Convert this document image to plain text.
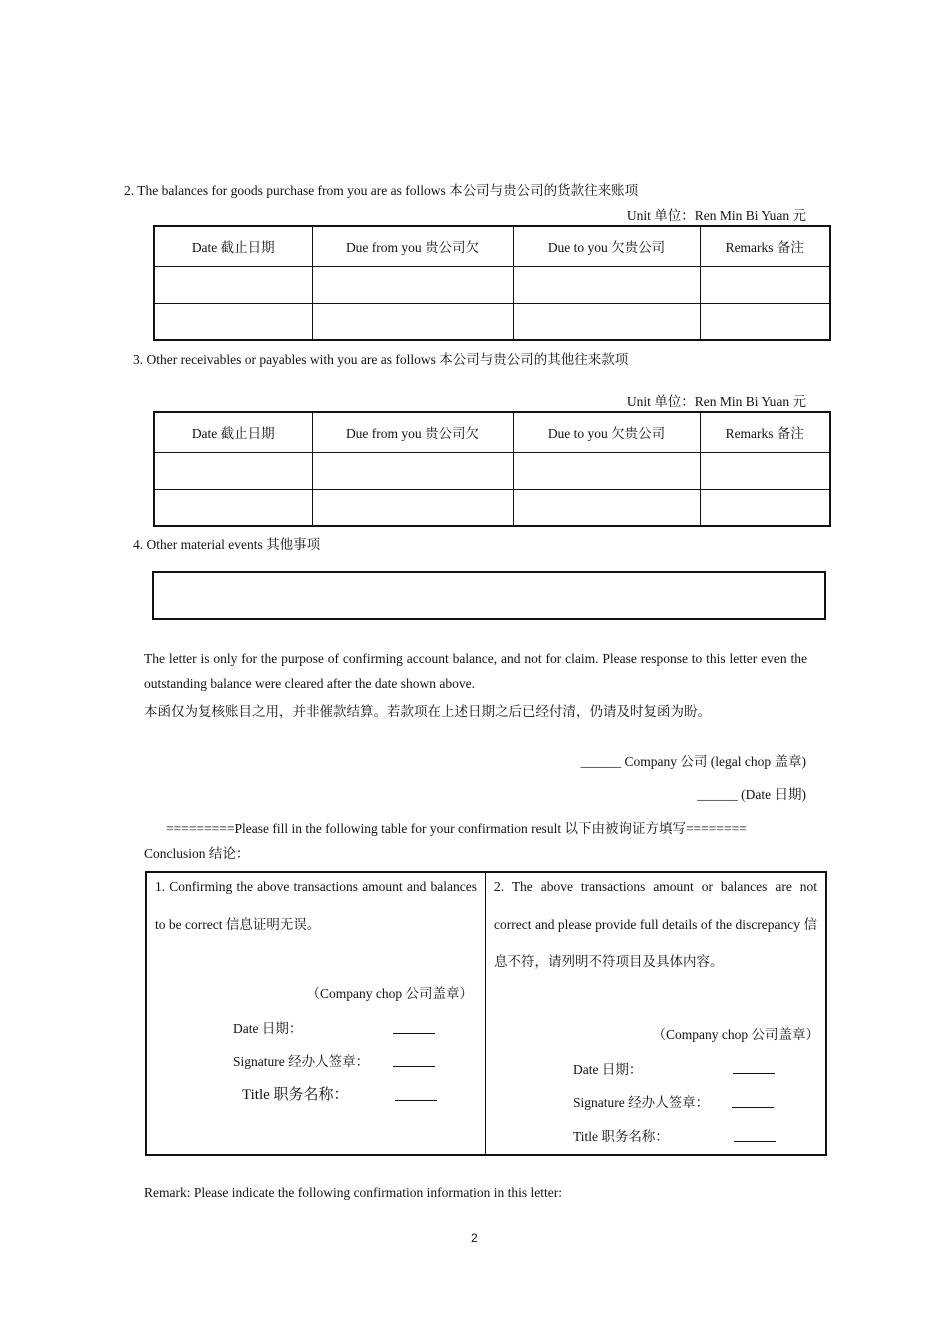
2. The balances for goods purchase from you are as follows 本公司与贵公司的货款往来账项
Unit 单位：Ren Min Bi Yuan 元
Date 截止日期	Due from you 贵公司欠	Due to you 欠贵公司	Remarks 备注

3. Other receivables or payables with you are as follows 本公司与贵公司的其他往来款项
Unit 单位：Ren Min Bi Yuan 元
Date 截止日期	Due from you 贵公司欠	Due to you 欠贵公司	Remarks 备注

4. Other material events 其他事项
The letter is only for the purpose of confirming account balance, and not for claim. Please response to this letter even the outstanding balance were cleared after the date shown above.
本函仅为复核账目之用，并非催款结算。若款项在上述日期之后已经付清，仍请及时复函为盼。
______ Company 公司 (legal chop 盖章)
______ (Date 日期)
=========Please fill in the following table for your confirmation result 以下由被询证方填写========
Conclusion 结论：
1. Confirming the above transactions amount and balances to be correct 信息证明无误。
（Company chop 公司盖章）
Date 日期：
Signature 经办人签章：
Title 职务名称：
2. The above transactions amount or balances are not correct and please provide full details of the discrepancy 信息不符，请列明不符项目及具体内容。
（Company chop 公司盖章）
Date 日期：
Signature 经办人签章：
Title 职务名称：
Remark: Please indicate the following confirmation information in this letter:
2
